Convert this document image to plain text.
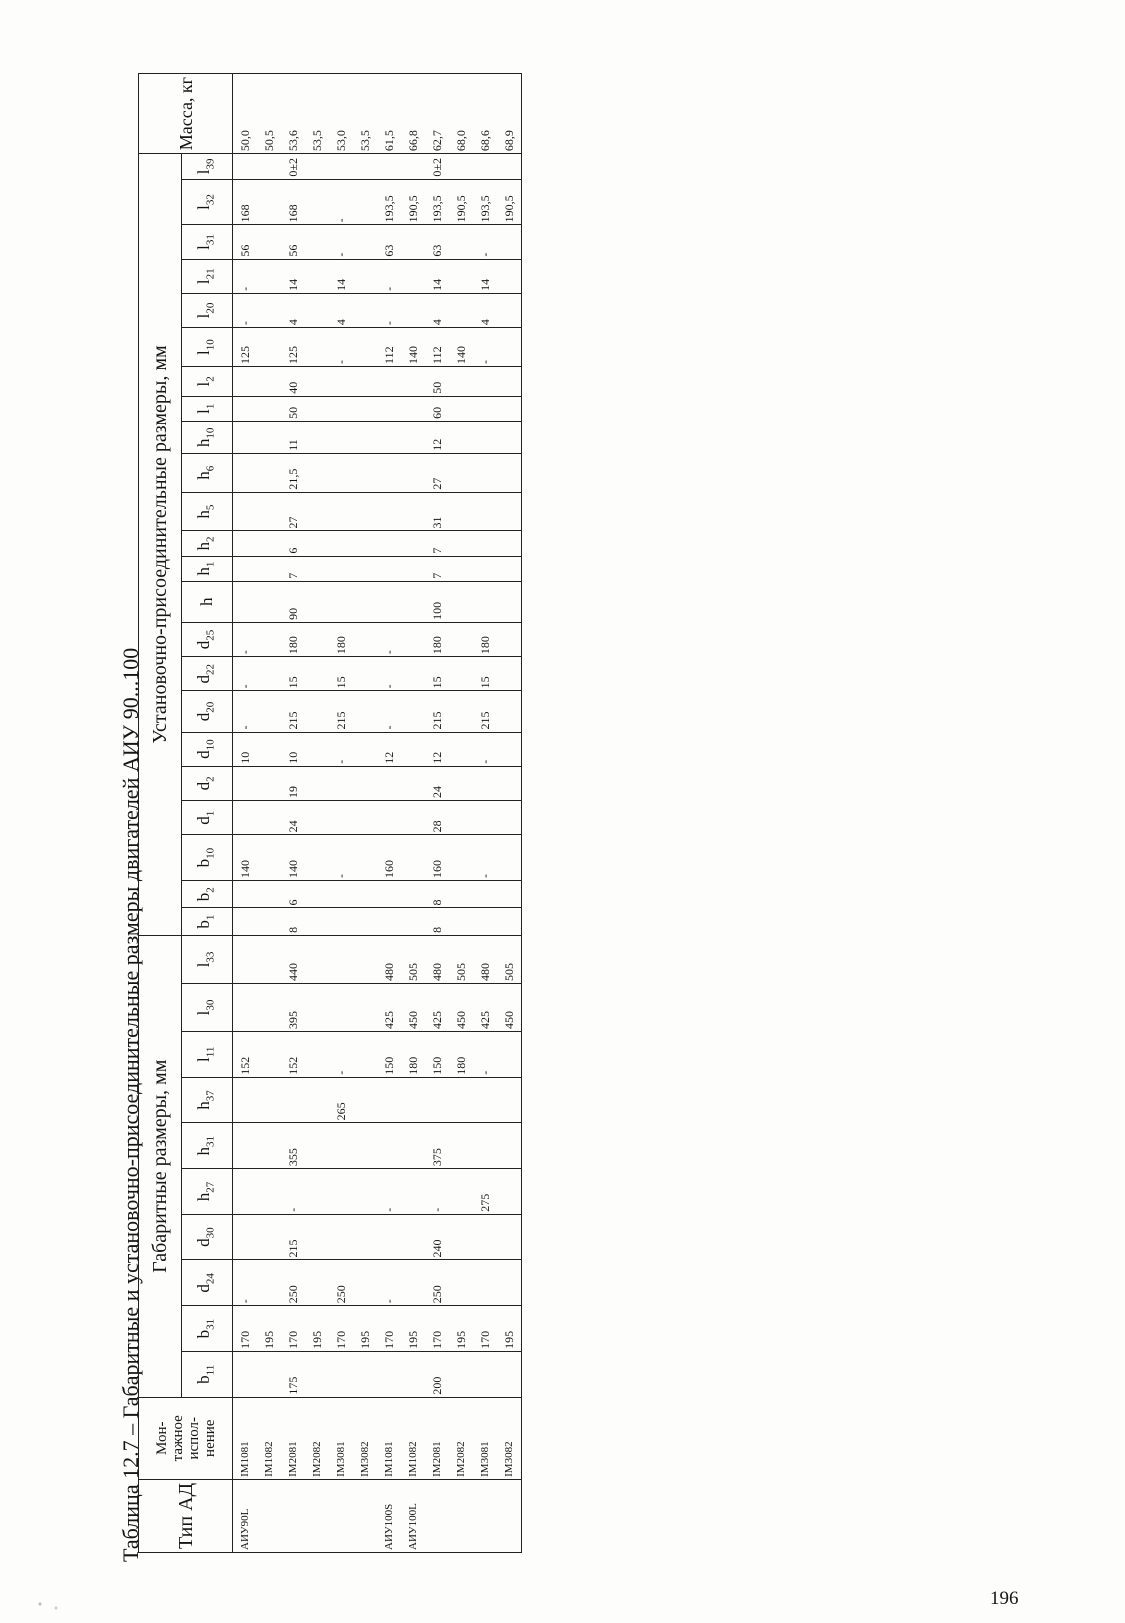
Таблица 12.7 – Габаритные и установочно-присоединительные размеры двигателей АИУ 90...100 Тип АД	Мон-тажное испол-нение	Габаритные размеры, мм										Установочно-присоединительные размеры, мм																							Масса, кг
		$b_{11}$	$b_{31}$	$d_{24}$	$d_{30}$	$h_{27}$	$h_{31}$	$h_{37}$	$l_{11}$	$l_{30}$	$l_{33}$	$b_1$	$b_2$	$b_{10}$	$d_1$	$d_2$	$d_{10}$	$d_{20}$	$d_{22}$	$d_{25}$	h	$h_1$	$h_2$	$h_5$	$h_6$	$h_{10}$	$l_1$	$l_2$	$l_{10}$	$l_{20}$	$l_{21}$	$l_{31}$	$l_{32}$	$l_{39}$
АИУ90L	IM1081		170	-					152					140			10	-	-	-									125	-	-	56	168		50,0
	IM1082		195																																50,5
	IM2081	175	170	250	215	-	355		152	395	440	8	6	140	24	19	10	215	15	180	90	7	6	27	21,5	11	50	40	125	4	14	56	168	0±2	53,6
	IM2082		195																																53,5
	IM3081		170	250				265	-					-			-	215	15	180									-	4	14	-	-		53,0
	IM3082		195																																53,5
АИУ100S	IM1081		170	-		-			150	425	480			160			12	-	-	-									112	-	-	63	193,5		61,5
АИУ100L	IM1082		195						180	450	505																		140				190,5		66,8
	IM2081	200	170	250	240	-	375		150	425	480	8	8	160	28	24	12	215	15	180	100	7	7	31	27	12	60	50	112	4	14	63	193,5	0±2	62,7
	IM2082		195						180	450	505																		140				190,5		68,0
	IM3081		170			275			-	425	480			-			-	215	15	180									-	4	14	-	193,5		68,6
	IM3082		195							450	505																						190,5		68,9
196
